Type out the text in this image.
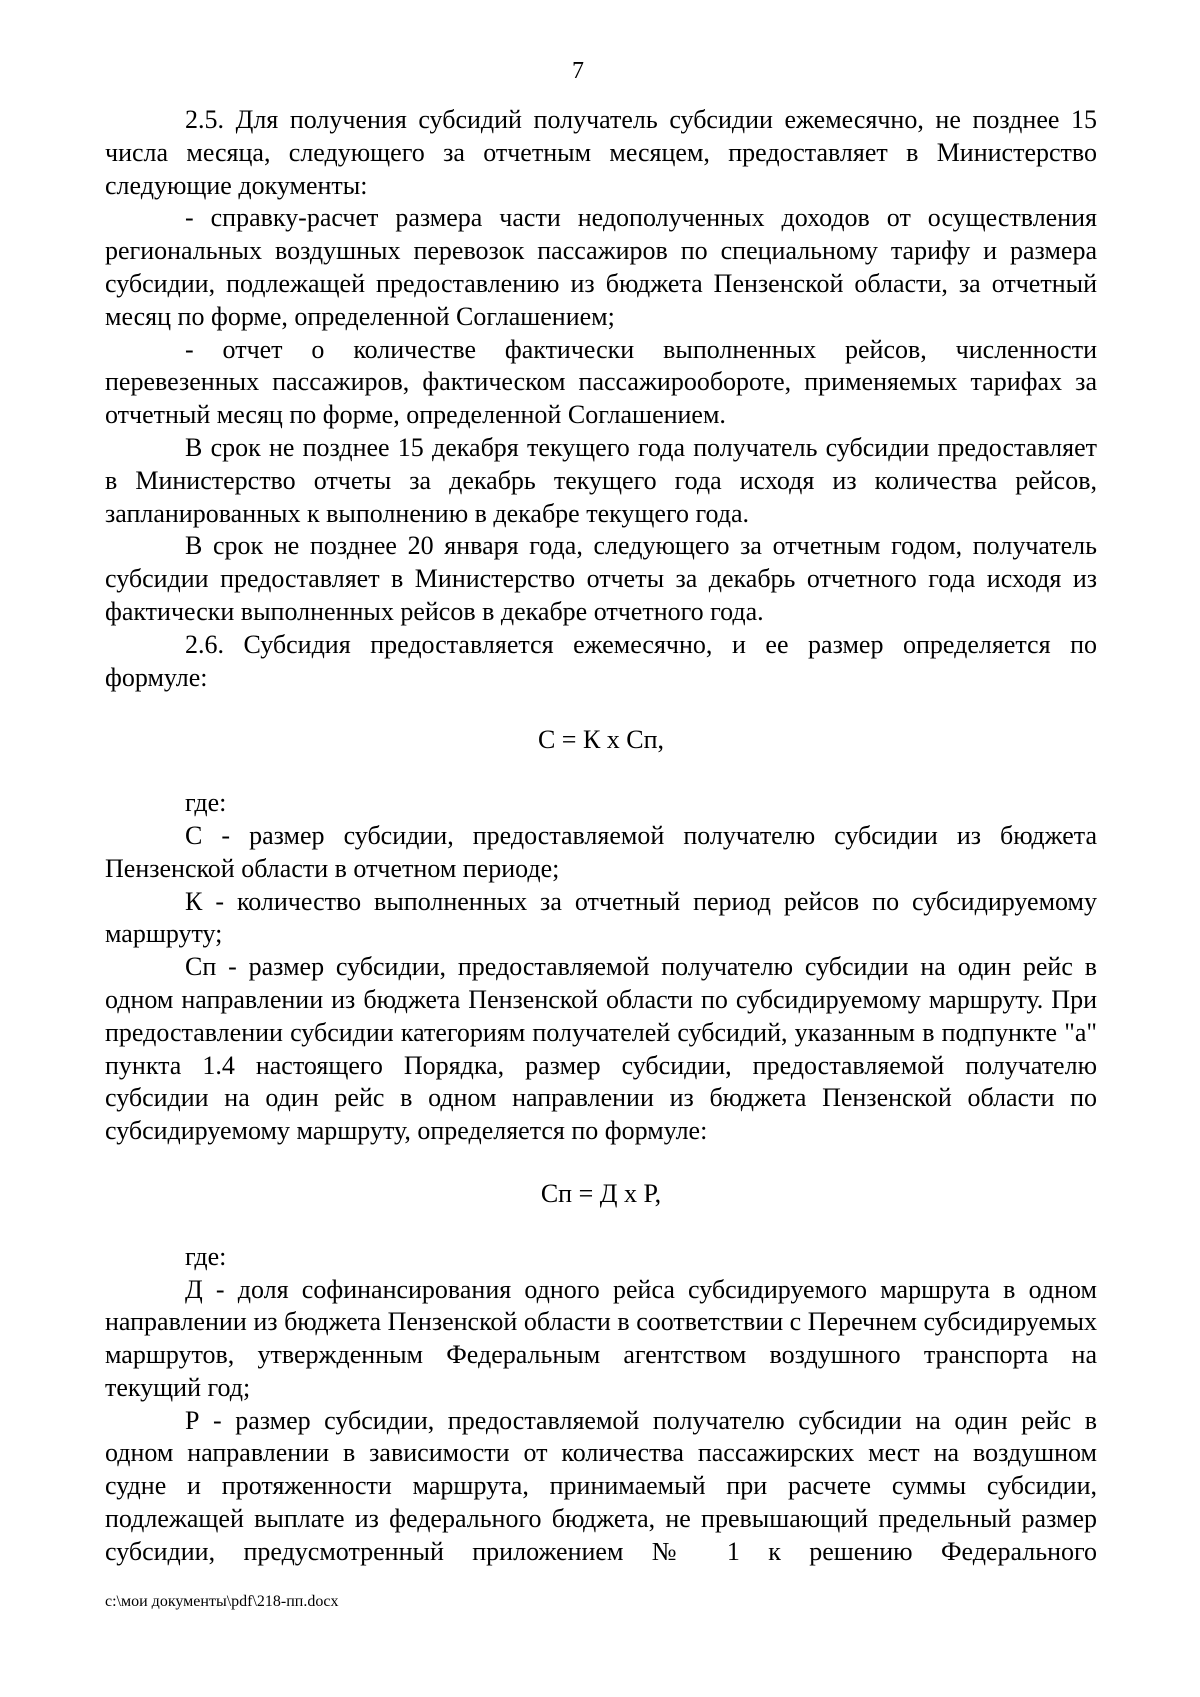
7

2.5. Для получения субсидий получатель субсидии ежемесячно, не позднее 15 числа месяца, следующего за отчетным месяцем, предоставляет в Министерство следующие документы:

- справку-расчет размера части недополученных доходов от осуществления региональных воздушных перевозок пассажиров по специальному тарифу и размера субсидии, подлежащей предоставлению из бюджета Пензенской области, за отчетный месяц по форме, определенной Соглашением;

- отчет о количестве фактически выполненных рейсов, численности перевезенных пассажиров, фактическом пассажирообороте, применяемых тарифах за отчетный месяц по форме, определенной Соглашением.

В срок не позднее 15 декабря текущего года получатель субсидии предоставляет в Министерство отчеты за декабрь текущего года исходя из количества рейсов, запланированных к выполнению в декабре текущего года.

В срок не позднее 20 января года, следующего за отчетным годом, получатель субсидии предоставляет в Министерство отчеты за декабрь отчетного года исходя из фактически выполненных рейсов в декабре отчетного года.

2.6. Субсидия предоставляется ежемесячно, и ее размер определяется по формуле:

С = К х Сп,

где:

С - размер субсидии, предоставляемой получателю субсидии из бюджета Пензенской области в отчетном периоде;

К - количество выполненных за отчетный период рейсов по субсидируемому маршруту;

Сп - размер субсидии, предоставляемой получателю субсидии на один рейс в одном направлении из бюджета Пензенской области по субсидируемому маршруту. При предоставлении субсидии категориям получателей субсидий, указанным в подпункте "а" пункта 1.4 настоящего Порядка, размер субсидии, предоставляемой получателю субсидии на один рейс в одном направлении из бюджета Пензенской области по субсидируемому маршруту, определяется по формуле:

Сп = Д х Р,

где:

Д - доля софинансирования одного рейса субсидируемого маршрута в одном направлении из бюджета Пензенской области в соответствии с Перечнем субсидируемых маршрутов, утвержденным Федеральным агентством воздушного транспорта на текущий год;

Р - размер субсидии, предоставляемой получателю субсидии на один рейс в одном направлении в зависимости от количества пассажирских мест на воздушном судне и протяженности маршрута, принимаемый при расчете суммы субсидии, подлежащей выплате из федерального бюджета, не превышающий предельный размер субсидии, предусмотренный приложением № 1 к решению Федерального

c:\мои документы\pdf\218-пп.docx
